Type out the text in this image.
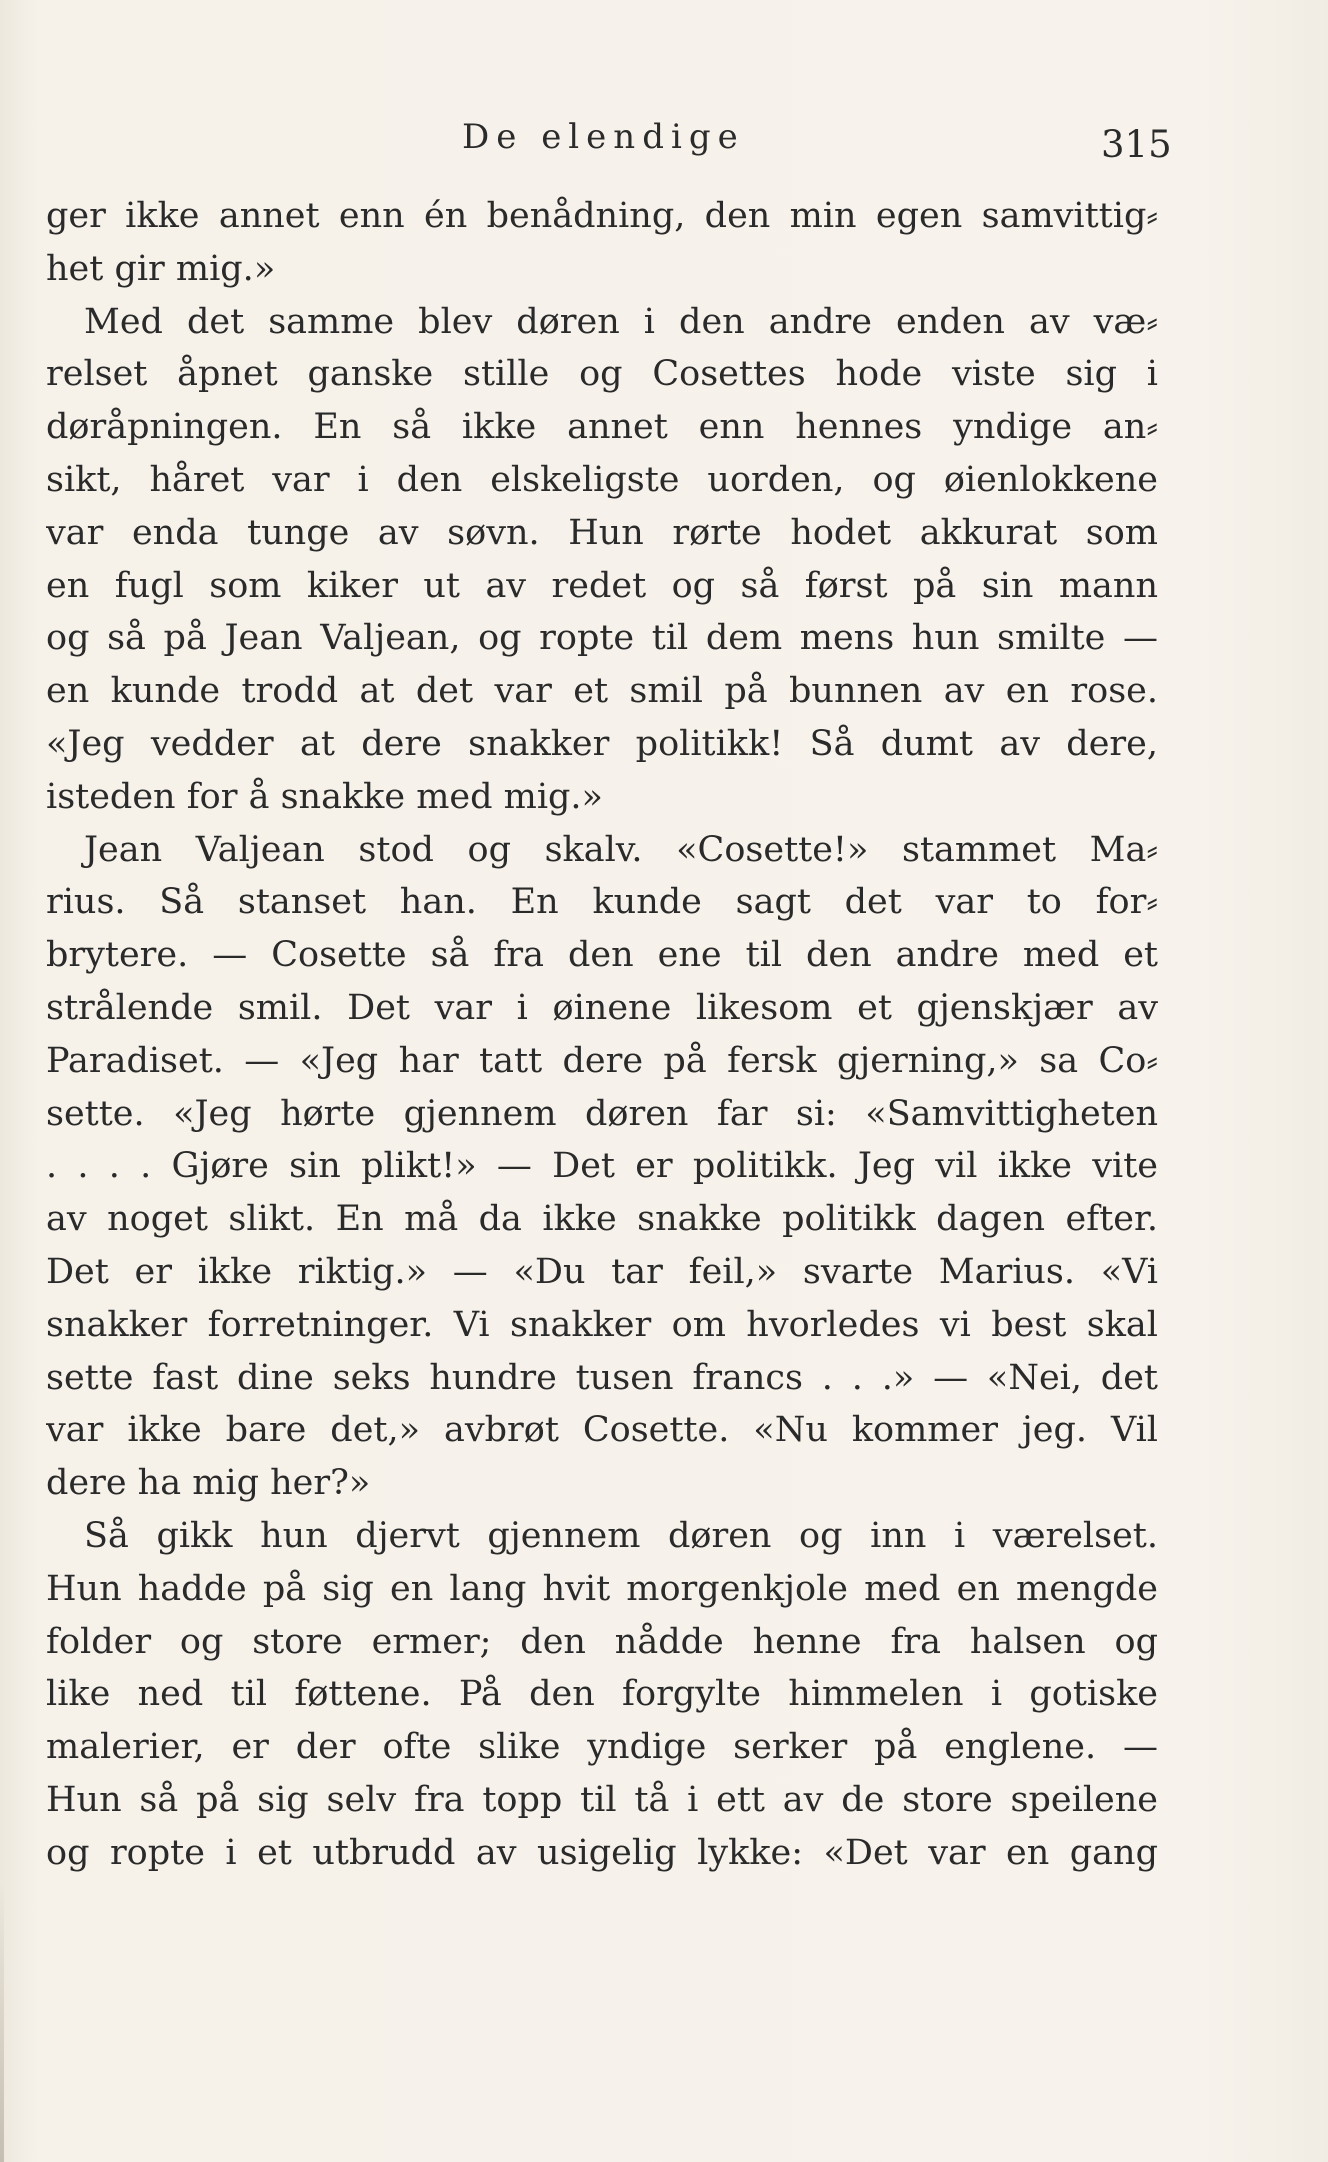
De elendige	315
ger ikke annet enn én benådning, den min egen samvittig⸗
het gir mig.»
Med det samme blev døren i den andre enden av væ⸗
relset åpnet ganske stille og Cosettes hode viste sig i
døråpningen. En så ikke annet enn hennes yndige an⸗
sikt, håret var i den elskeligste uorden, og øienlokkene
var enda tunge av søvn. Hun rørte hodet akkurat som
en fugl som kiker ut av redet og så først på sin mann
og så på Jean Valjean, og ropte til dem mens hun smilte —
en kunde trodd at det var et smil på bunnen av en rose.
«Jeg vedder at dere snakker politikk! Så dumt av dere,
isteden for å snakke med mig.»
Jean Valjean stod og skalv. «Cosette!» stammet Ma⸗
rius. Så stanset han. En kunde sagt det var to for⸗
brytere. — Cosette så fra den ene til den andre med et
strålende smil. Det var i øinene likesom et gjenskjær av
Paradiset. — «Jeg har tatt dere på fersk gjerning,» sa Co⸗
sette. «Jeg hørte gjennem døren far si: «Samvittigheten
. . . . Gjøre sin plikt!» — Det er politikk. Jeg vil ikke vite
av noget slikt. En må da ikke snakke politikk dagen efter.
Det er ikke riktig.» — «Du tar feil,» svarte Marius. «Vi
snakker forretninger. Vi snakker om hvorledes vi best skal
sette fast dine seks hundre tusen francs . . .» — «Nei, det
var ikke bare det,» avbrøt Cosette. «Nu kommer jeg. Vil
dere ha mig her?»
Så gikk hun djervt gjennem døren og inn i værelset.
Hun hadde på sig en lang hvit morgenkjole med en mengde
folder og store ermer; den nådde henne fra halsen og
like ned til føttene. På den forgylte himmelen i gotiske
malerier, er der ofte slike yndige serker på englene. —
Hun så på sig selv fra topp til tå i ett av de store speilene
og ropte i et utbrudd av usigelig lykke: «Det var en gang
